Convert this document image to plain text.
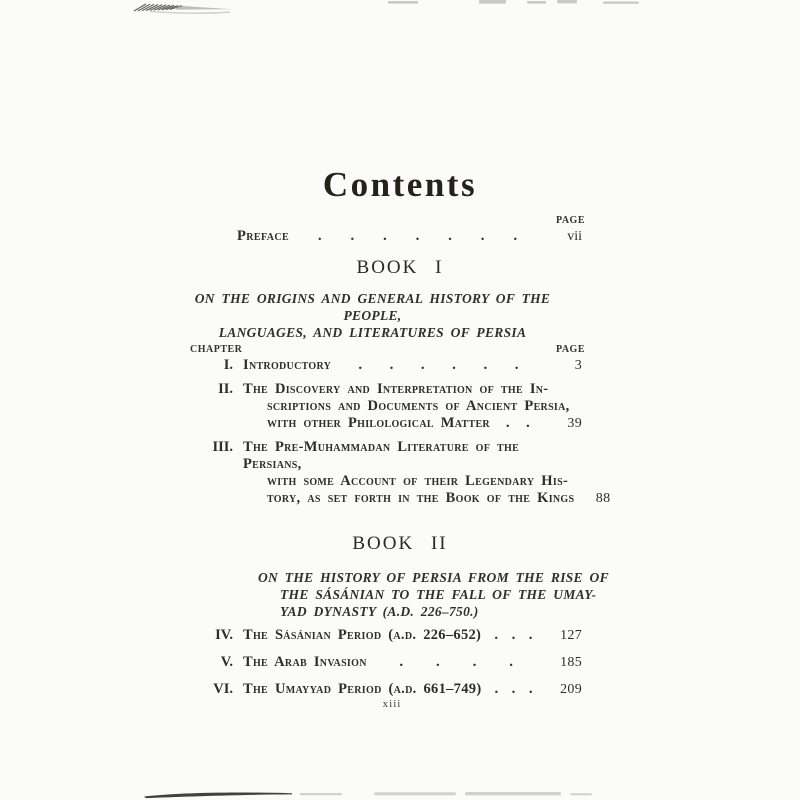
Contents
PAGE
Preface . . . . . . .	vii
BOOK I
ON THE ORIGINS AND GENERAL HISTORY OF THE PEOPLE,
LANGUAGES, AND LITERATURES OF PERSIA
CHAPTER	PAGE
I. Introductory . . . . . .	3
II. The Discovery and Interpretation of the In-
scriptions and Documents of Ancient Persia,
with other Philological Matter . .	39
III. The Pre-Muhammadan Literature of the Persians,
with some Account of their Legendary His-
tory, as set forth in the Book of the Kings	88
BOOK II
ON THE HISTORY OF PERSIA FROM THE RISE OF
THE SÁSÁNIAN TO THE FALL OF THE UMAY-
YAD DYNASTY (A.D. 226–750.)
IV. The Sásánian Period (a.d. 226–652) . . .	127
V. The Arab Invasion . . . .	185
VI. The Umayyad Period (a.d. 661–749) . . .	209
xiii
